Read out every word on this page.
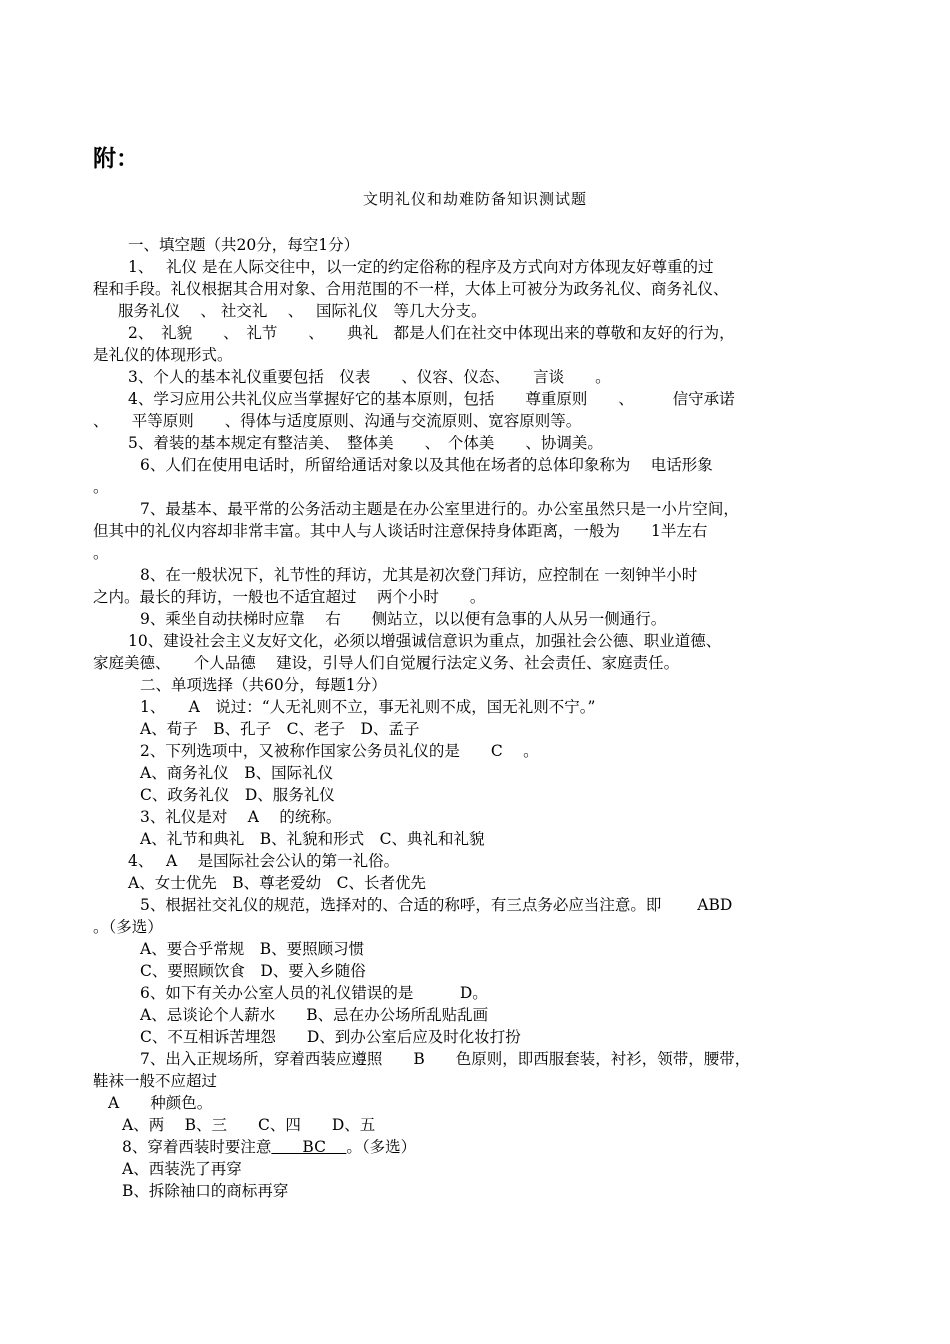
附：
文明礼仪和劫难防备知识测试题
一、填空题（共20分，每空1分）
1、　 礼仪 是在人际交往中，以一定的约定俗称的程序及方式向对方体现友好尊重的过
程和手段。礼仪根据其合用对象、合用范围的不一样，大体上可被分为政务礼仪、商务礼仪、
服务礼仪　 、 社交礼 　、　 国际礼仪　等几大分支。
2、　礼貌　　、　礼节　　、　　典礼　都是人们在社交中体现出来的尊敬和友好的行为，
是礼仪的体现形式。
3、个人的基本礼仪重要包括　仪表　　、仪容、仪态、　　言谈　　。
4、学习应用公共礼仪应当掌握好它的基本原则，包括　　尊重原则　　、　　　信守承诺
、　　平等原则　　、得体与适度原则、沟通与交流原则、宽容原则等。
5、着装的基本规定有整洁美、　整体美　　、　个体美　　、协调美。
6、人们在使用电话时，所留给通话对象以及其他在场者的总体印象称为　 电话形象
。
7、最基本、最平常的公务活动主题是在办公室里进行的。办公室虽然只是一小片空间，
但其中的礼仪内容却非常丰富。其中人与人谈话时注意保持身体距离，一般为　　1半左右
。
8、在一般状况下，礼节性的拜访，尤其是初次登门拜访，应控制在 一刻钟半小时
之内。最长的拜访，一般也不适宜超过　 两个小时　　。
9、乘坐自动扶梯时应靠　 右　　侧站立，以以便有急事的人从另一侧通行。
10、建设社会主义友好文化，必须以增强诚信意识为重点，加强社会公德、职业道德、
家庭美德、　　个人品德　 建设，引导人们自觉履行法定义务、社会责任、家庭责任。
二、单项选择（共60分，每题1分）
1、　　A　说过：“人无礼则不立，事无礼则不成，国无礼则不宁。”
A、荀子　B、孔子　C、老子　D、孟子
2、下列选项中，又被称作国家公务员礼仪的是　　C　 。
A、商务礼仪　B、国际礼仪
C、政务礼仪　D、服务礼仪
3、礼仪是对　 A　 的统称。
A、礼节和典礼　B、礼貌和形式　C、典礼和礼貌
4、　 A　 是国际社会公认的第一礼俗。
A、女士优先　B、尊老爱幼　C、长者优先
5、根据社交礼仪的规范，选择对的、合适的称呼，有三点务必应当注意。即　　 ABD
。（多选）
A、要合乎常规　B、要照顾习惯
C、要照顾饮食　D、要入乡随俗
6、如下有关办公室人员的礼仪错误的是　　　D。
A、忌谈论个人薪水　　B、忌在办公场所乱贴乱画
C、不互相诉苦埋怨　　D、到办公室后应及时化妆打扮
7、出入正规场所，穿着西装应遵照　　B　　色原则，即西服套装，衬衫，领带，腰带，
鞋袜一般不应超过
A　　种颜色。
A、两　 B、三　　C、四　　D、五
8、穿着西装时要注意　　 BC　 。（多选）
A、西装洗了再穿
B、拆除袖口的商标再穿
